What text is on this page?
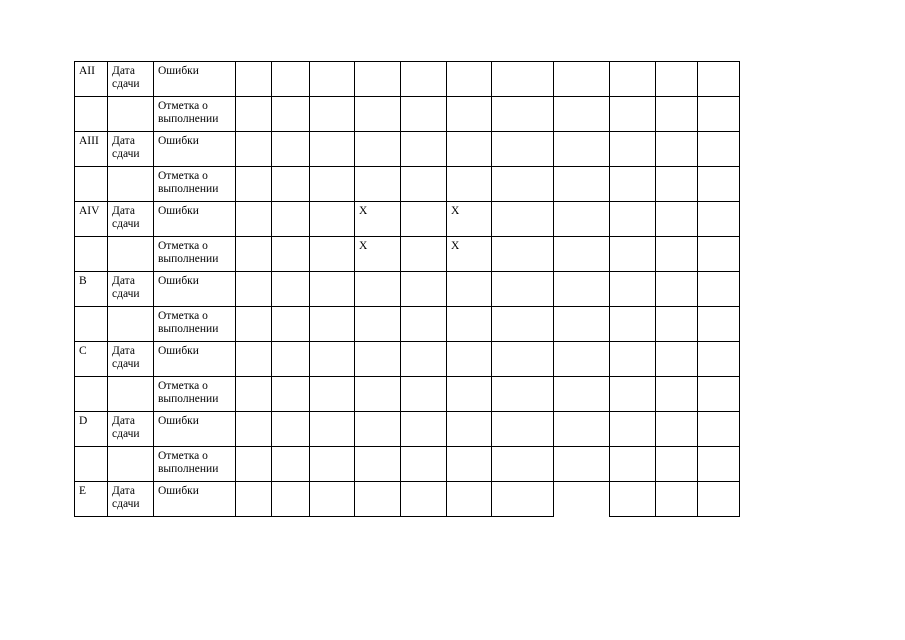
AII	Дата сдачи	Ошибки											
		Отметка о выполнении											
AIII	Дата сдачи	Ошибки											
		Отметка о выполнении											
AIV	Дата сдачи	Ошибки				X		X					
		Отметка о выполнении				X		X					
B	Дата сдачи	Ошибки											
		Отметка о выполнении											
C	Дата сдачи	Ошибки											
		Отметка о выполнении											
D	Дата сдачи	Ошибки											
		Отметка о выполнении											
E	Дата сдачи	Ошибки											
